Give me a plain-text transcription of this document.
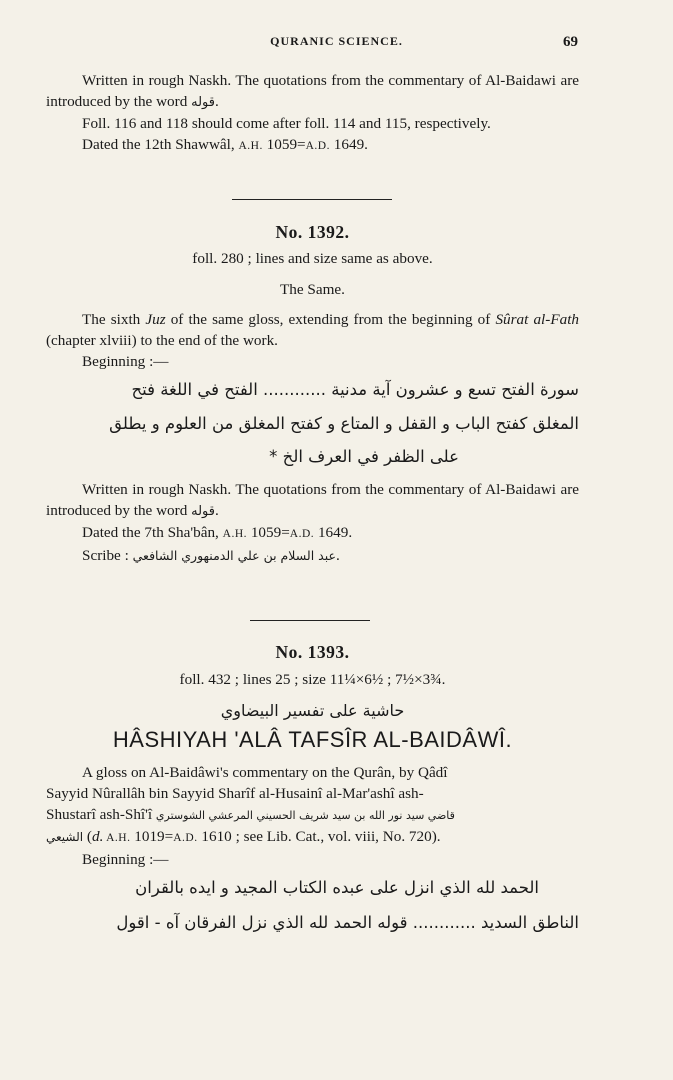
QURANIC SCIENCE.	69

Written in rough Naskh. The quotations from the commentary of Al-Baidawi are introduced by the word قوله.

Foll. 116 and 118 should come after foll. 114 and 115, respectively.

Dated the 12th Shawwâl, A.H. 1059=A.D. 1649.

No. 1392.

foll. 280 ; lines and size same as above.

The Same.

The sixth Juz of the same gloss, extending from the beginning of Sûrat al-Fath (chapter xlviii) to the end of the work.

Beginning :—

سورة الفتح تسع و عشرون آية مدنية ............ الفتح في اللغة فتح

المغلق كفتح الباب و القفل و المتاع و كفتح المغلق من العلوم و يطلق

على الظفر في العرف الخ *

Written in rough Naskh. The quotations from the commentary of Al-Baidawi are introduced by the word قوله.

Dated the 7th Sha'bân, A.H. 1059=A.D. 1649.

Scribe : عبد السلام بن علي الدمنهوري الشافعي.

No. 1393.

foll. 432 ; lines 25 ; size 11¼×6½ ; 7½×3¾.

حاشية على تفسير البيضاوي

HÂSHIYAH 'ALÂ TAFSÎR AL-BAIDÂWÎ.

A gloss on Al-Baidâwi's commentary on the Qurân, by Qâdî

Sayyid Nûrallâh bin Sayyid Sharîf al-Husainî al-Mar'ashî ash-

Shustarî ash-Shî'î قاضي سيد نور الله بن سيد شريف الحسيني المرعشي الشوستري

الشيعي (d. A.H. 1019=A.D. 1610 ; see Lib. Cat., vol. viii, No. 720).

Beginning :—

الحمد لله الذي انزل على عبده الكتاب المجيد و ايده بالقران

الناطق السديد ............ قوله الحمد لله الذي نزل الفرقان آه - اقول
